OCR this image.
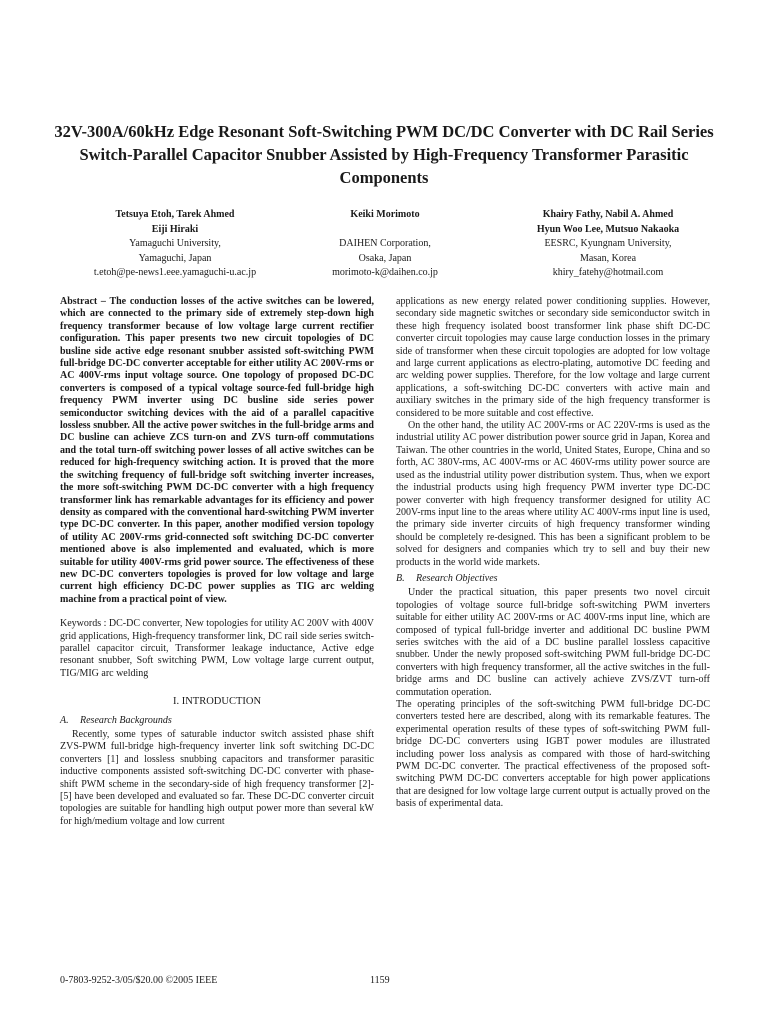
32V-300A/60kHz Edge Resonant Soft-Switching PWM DC/DC Converter with DC Rail Series Switch-Parallel Capacitor Snubber Assisted by High-Frequency Transformer Parasitic Components
Tetsuya Etoh, Tarek Ahmed
Eiji Hiraki
Yamaguchi University,
Yamaguchi, Japan
t.etoh@pe-news1.eee.yamaguchi-u.ac.jp
Keiki Morimoto

DAIHEN Corporation,
Osaka, Japan
morimoto-k@daihen.co.jp
Khairy Fathy, Nabil A. Ahmed
Hyun Woo Lee, Mutsuo Nakaoka
EESRC, Kyungnam University,
Masan, Korea
khiry_fatehy@hotmail.com

Abstract – The conduction losses of the active switches can be lowered, which are connected to the primary side of extremely step-down high frequency transformer because of low voltage large current rectifier configuration. This paper presents two new circuit topologies of DC busline side active edge resonant snubber assisted soft-switching PWM full-bridge DC-DC converter acceptable for either utility AC 200V-rms or AC 400V-rms input voltage source. One topology of proposed DC-DC converters is composed of a typical voltage source-fed full-bridge high frequency PWM inverter using DC busline side series power semiconductor switching devices with the aid of a parallel capacitive lossless snubber. All the active power switches in the full-bridge arms and DC busline can achieve ZCS turn-on and ZVS turn-off commutations and the total turn-off switching power losses of all active switches can be reduced for high-frequency switching action. It is proved that the more the switching frequency of full-bridge soft switching inverter increases, the more soft-switching PWM DC-DC converter with a high frequency transformer link has remarkable advantages for its efficiency and power density as compared with the conventional hard-switching PWM inverter type DC-DC converter. In this paper, another modified version topology of utility AC 200V-rms grid-connected soft switching DC-DC converter mentioned above is also implemented and evaluated, which is more suitable for utility 400V-rms grid power source. The effectiveness of these new DC-DC converters topologies is proved for low voltage and large current high efficiency DC-DC power supplies as TIG arc welding machine from a practical point of view.

Keywords : DC-DC converter, New topologies for utility AC 200V with 400V grid applications, High-frequency transformer link, DC rail side series switch-parallel capacitor circuit, Transformer leakage inductance, Active edge resonant snubber, Soft switching PWM, Low voltage large current output, TIG/MIG arc welding

I. INTRODUCTION

A. Research Backgrounds

Recently, some types of saturable inductor switch assisted phase shift ZVS-PWM full-bridge high-frequency inverter link soft switching DC-DC converters [1] and lossless snubbing capacitors and transformer parasitic inductive components assisted soft-switching DC-DC converter with phase-shift PWM scheme in the secondary-side of high frequency transformer [2]-[5] have been developed and evaluated so far. These DC-DC converter circuit topologies are suitable for handling high output power more than several kW for high/medium voltage and low current

applications as new energy related power conditioning supplies. However, secondary side magnetic switches or secondary side semiconductor switch in these high frequency isolated boost transformer link phase shift DC-DC converter circuit topologies may cause large conduction losses in the primary side of transformer when these circuit topologies are adopted for low voltage and large current applications as electro-plating, automotive DC feeding and arc welding power supplies. Therefore, for the low voltage and large current applications, a soft-switching DC-DC converters with active main and auxiliary switches in the primary side of the high frequency transformer is considered to be more suitable and cost effective.

On the other hand, the utility AC 200V-rms or AC 220V-rms is used as the industrial utility AC power distribution power source grid in Japan, Korea and Taiwan. The other countries in the world, United States, Europe, China and so forth, AC 380V-rms, AC 400V-rms or AC 460V-rms utility power source are used as the industrial utility power distribution system. Thus, when we export the industrial products using high frequency PWM inverter type DC-DC power converter with high frequency transformer designed for utility AC 200V-rms input line to the areas where utility AC 400V-rms input line is used, the primary side inverter circuits of high frequency transformer winding should be completely re-designed. This has been a significant problem to be solved for designers and companies which try to sell and buy their new products in the world wide markets.

B. Research Objectives

Under the practical situation, this paper presents two novel circuit topologies of voltage source full-bridge soft-switching PWM inverters suitable for either utility AC 200V-rms or AC 400V-rms input line, which are composed of typical full-bridge inverter and additional DC busline PWM series switches with the aid of a DC busline parallel lossless capacitive snubber. Under the newly proposed soft-switching PWM full-bridge DC-DC converters with high frequency transformer, all the active switches in the full-bridge arms and DC busline can actively achieve ZVS/ZVT turn-off commutation operation.

The operating principles of the soft-switching PWM full-bridge DC-DC converters tested here are described, along with its remarkable features. The experimental operation results of these types of soft-switching PWM full-bridge DC-DC converters using IGBT power modules are illustrated including power loss analysis as compared with those of hard-switching PWM DC-DC converter. The practical effectiveness of the proposed soft-switching PWM DC-DC converters acceptable for high power applications that are designed for low voltage large current output is actually proved on the basis of experimental data.

0-7803-9252-3/05/$20.00 ©2005 IEEE	1159
